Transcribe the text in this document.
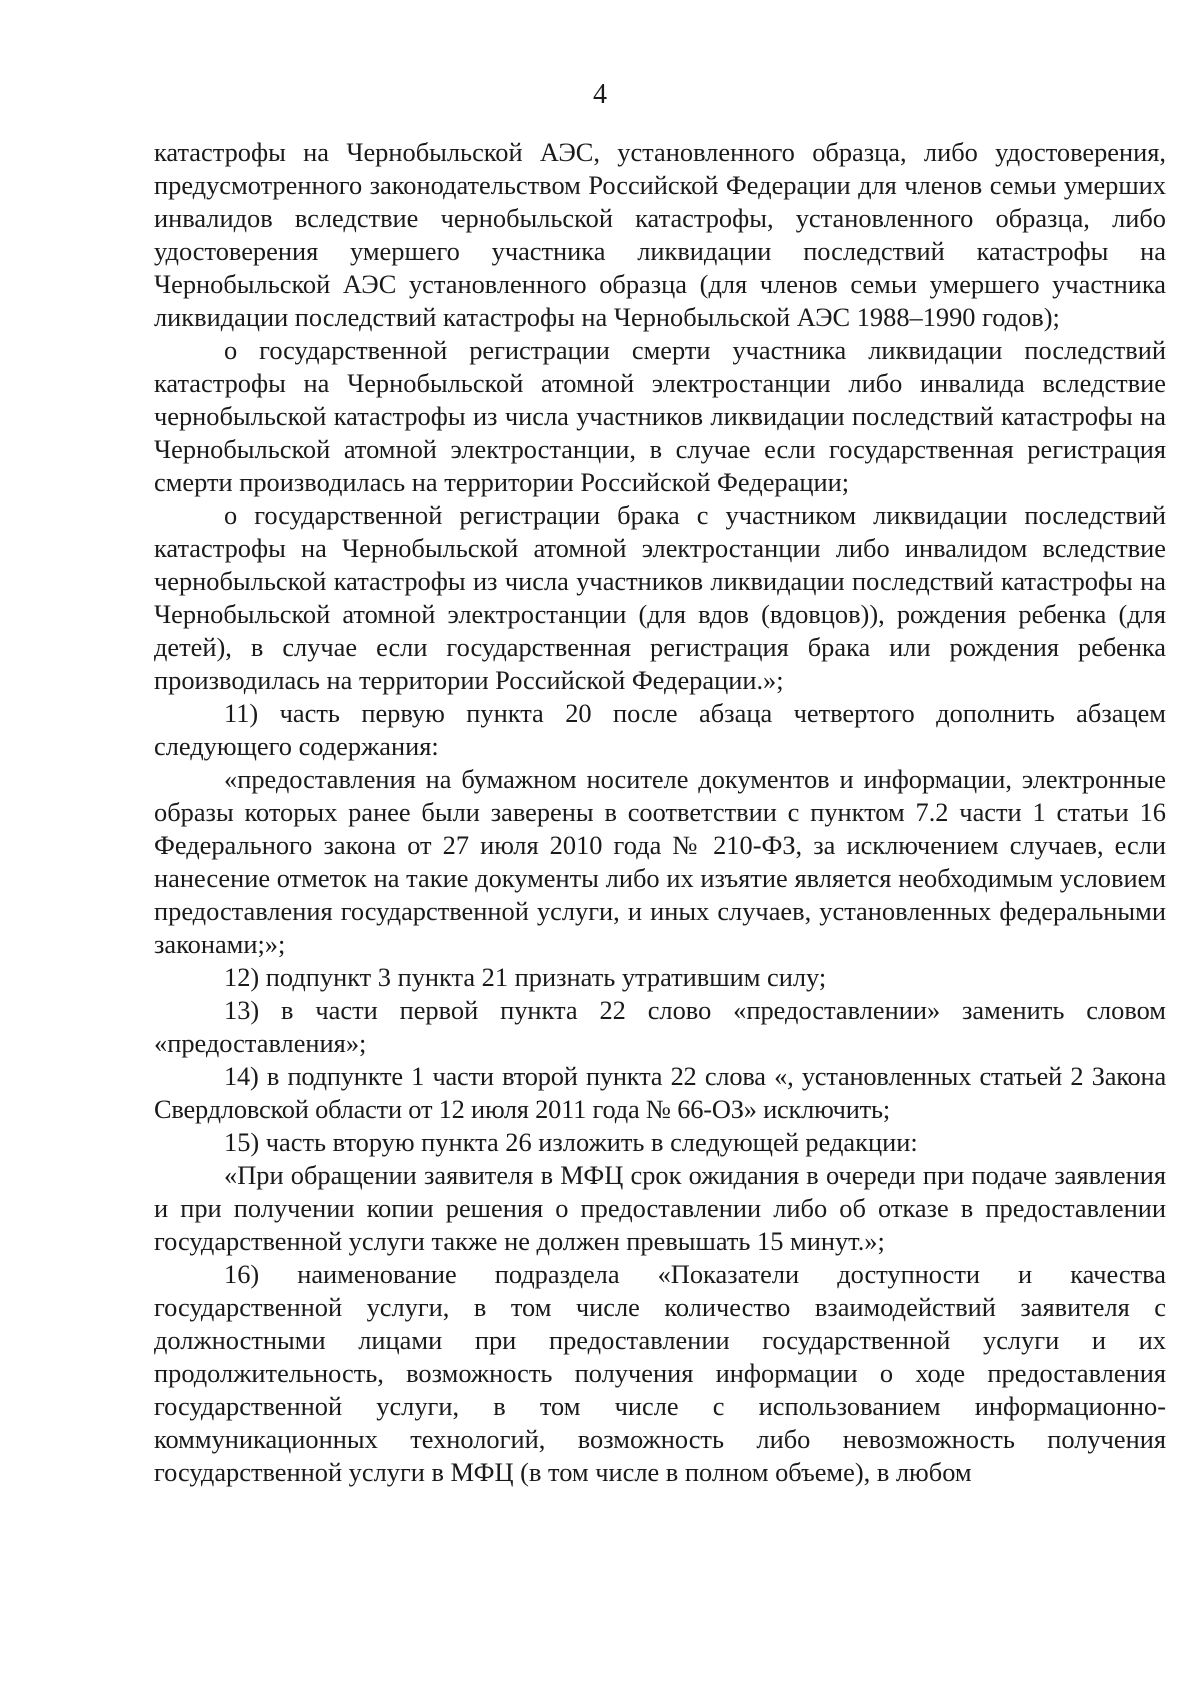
4

катастрофы на Чернобыльской АЭС, установленного образца, либо удостоверения, предусмотренного законодательством Российской Федерации для членов семьи умерших инвалидов вследствие чернобыльской катастрофы, установленного образца, либо удостоверения умершего участника ликвидации последствий катастрофы на Чернобыльской АЭС установленного образца (для членов семьи умершего участника ликвидации последствий катастрофы на Чернобыльской АЭС 1988–1990 годов);

о государственной регистрации смерти участника ликвидации последствий катастрофы на Чернобыльской атомной электростанции либо инвалида вследствие чернобыльской катастрофы из числа участников ликвидации последствий катастрофы на Чернобыльской атомной электростанции, в случае если государственная регистрация смерти производилась на территории Российской Федерации;

о государственной регистрации брака с участником ликвидации последствий катастрофы на Чернобыльской атомной электростанции либо инвалидом вследствие чернобыльской катастрофы из числа участников ликвидации последствий катастрофы на Чернобыльской атомной электростанции (для вдов (вдовцов)), рождения ребенка (для детей), в случае если государственная регистрация брака или рождения ребенка производилась на территории Российской Федерации.»;

11) часть первую пункта 20 после абзаца четвертого дополнить абзацем следующего содержания:

«предоставления на бумажном носителе документов и информации, электронные образы которых ранее были заверены в соответствии с пунктом 7.2 части 1 статьи 16 Федерального закона от 27 июля 2010 года № 210-ФЗ, за исключением случаев, если нанесение отметок на такие документы либо их изъятие является необходимым условием предоставления государственной услуги, и иных случаев, установленных федеральными законами;»;

12) подпункт 3 пункта 21 признать утратившим силу;

13) в части первой пункта 22 слово «предоставлении» заменить словом «предоставления»;

14) в подпункте 1 части второй пункта 22 слова «, установленных статьей 2 Закона Свердловской области от 12 июля 2011 года № 66-ОЗ» исключить;

15) часть вторую пункта 26 изложить в следующей редакции:

«При обращении заявителя в МФЦ срок ожидания в очереди при подаче заявления и при получении копии решения о предоставлении либо об отказе в предоставлении государственной услуги также не должен превышать 15 минут.»;

16) наименование подраздела «Показатели доступности и качества государственной услуги, в том числе количество взаимодействий заявителя с должностными лицами при предоставлении государственной услуги и их продолжительность, возможность получения информации о ходе предоставления государственной услуги, в том числе с использованием информационно-коммуникационных технологий, возможность либо невозможность получения государственной услуги в МФЦ (в том числе в полном объеме), в любом
